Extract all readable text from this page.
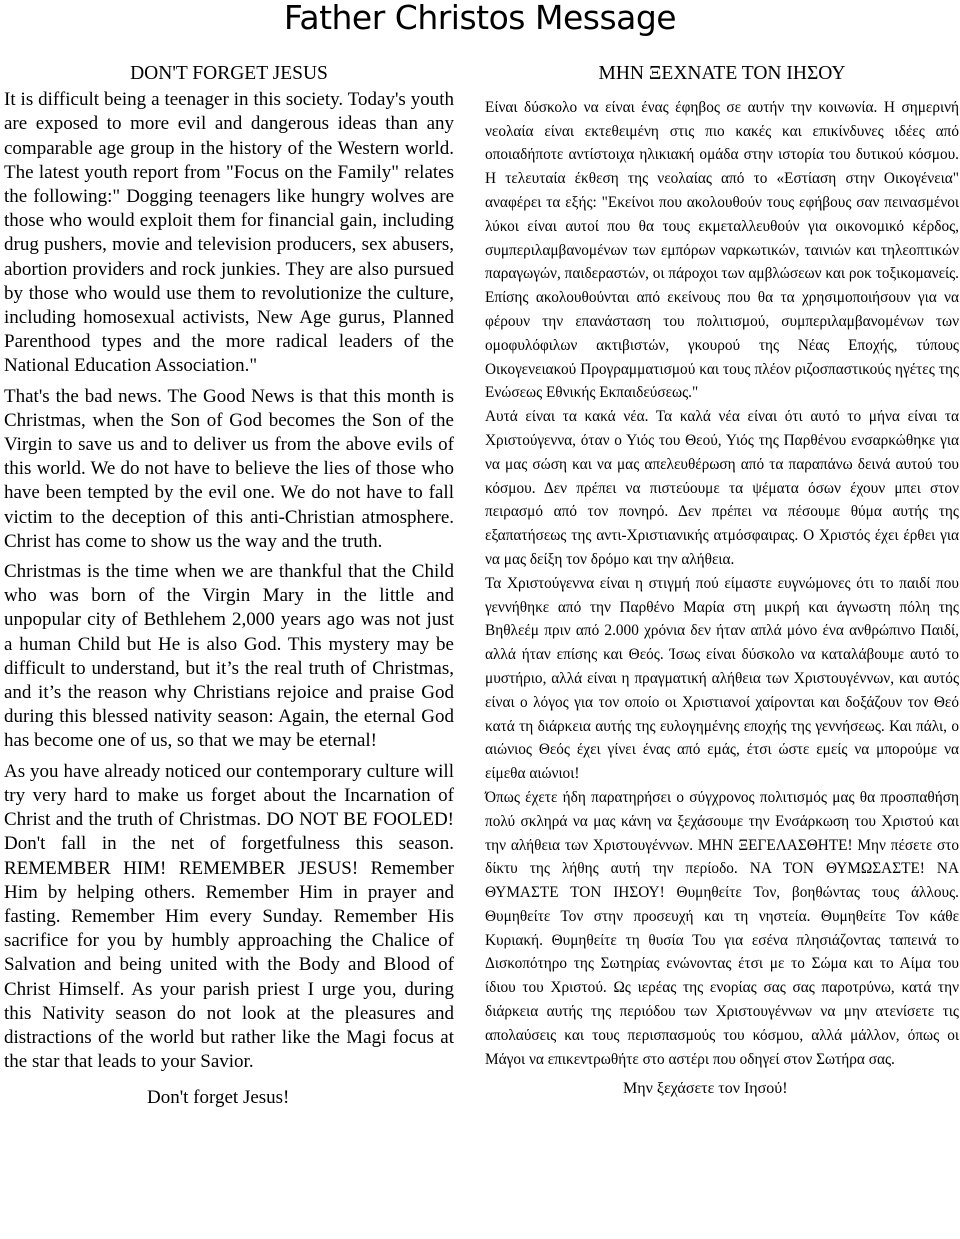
Father Christos Message
DON'T FORGET JESUS

It is difficult being a teenager in this society. Today's youth are exposed to more evil and dangerous ideas than any comparable age group in the history of the Western world. The latest youth report from "Focus on the Family" relates the following:" Dogging teenagers like hungry wolves are those who would exploit them for financial gain, including drug pushers, movie and television producers, sex abusers, abortion providers and rock junkies. They are also pursued by those who would use them to revolutionize the culture, including homosexual activists, New Age gurus, Planned Parenthood types and the more radical leaders of the National Education Association."

That's the bad news. The Good News is that this month is Christmas, when the Son of God becomes the Son of the Virgin to save us and to deliver us from the above evils of this world. We do not have to believe the lies of those who have been tempted by the evil one. We do not have to fall victim to the deception of this anti-Christian atmosphere. Christ has come to show us the way and the truth.

Christmas is the time when we are thankful that the Child who was born of the Virgin Mary in the little and unpopular city of Bethlehem 2,000 years ago was not just a human Child but He is also God. This mystery may be difficult to understand, but it’s the real truth of Christmas, and it’s the reason why Christians rejoice and praise God during this blessed nativity season: Again, the eternal God has become one of us, so that we may be eternal!

As you have already noticed our contemporary culture will try very hard to make us forget about the Incarnation of Christ and the truth of Christmas. DO NOT BE FOOLED! Don't fall in the net of forgetfulness this season. REMEMBER HIM! REMEMBER JESUS! Remember Him by helping others. Remember Him in prayer and fasting. Remember Him every Sunday. Remember His sacrifice for you by humbly approaching the Chalice of Salvation and being united with the Body and Blood of Christ Himself. As your parish priest I urge you, during this Nativity season do not look at the pleasures and distractions of the world but rather like the Magi focus at the star that leads to your Savior.

Don't forget Jesus!
ΜΗΝ ΞΕΧΝΑΤΕ ΤΟΝ ΙΗΣΟΥ

Είναι δύσκολο να είναι ένας έφηβος σε αυτήν την κοινωνία. Η σημερινή νεολαία είναι εκτεθειμένη στις πιο κακές και επικίνδυνες ιδέες από οποιαδήποτε αντίστοιχα ηλικιακή ομάδα στην ιστορία του δυτικού κόσμου. Η τελευταία έκθεση της νεολαίας από το «Εστίαση στην Οικογένεια" αναφέρει τα εξής: "Εκείνοι που ακολουθούν τους εφήβους σαν πεινασμένοι λύκοι είναι αυτοί που θα τους εκμεταλλευθούν για οικονομικό κέρδος, συμπεριλαμβανομένων των εμπόρων ναρκωτικών, ταινιών και τηλεοπτικών παραγωγών, παιδεραστών, οι πάροχοι των αμβλώσεων και ροκ τοξικομανείς. Επίσης ακολουθούνται από εκείνους που θα τα χρησιμοποιήσουν για να φέρουν την επανάσταση του πολιτισμού, συμπεριλαμβανομένων των ομοφυλόφιλων ακτιβιστών, γκουρού της Νέας Εποχής, τύπους Οικογενειακού Προγραμματισμού και τους πλέον ριζοσπαστικούς ηγέτες της Ενώσεως Εθνικής Εκπαιδεύσεως."

Αυτά είναι τα κακά νέα. Τα καλά νέα είναι ότι αυτό το μήνα είναι τα Χριστούγεννα, όταν ο Υιός του Θεού, Υιός της Παρθένου ενσαρκώθηκε για να μας σώση και να μας απελευθέρωση από τα παραπάνω δεινά αυτού του κόσμου. Δεν πρέπει να πιστεύουμε τα ψέματα όσων έχουν μπει στον πειρασμό από τον πονηρό. Δεν πρέπει να πέσουμε θύμα αυτής της εξαπατήσεως της αντι-Χριστιανικής ατμόσφαιρας. Ο Χριστός έχει έρθει για να μας δείξη τον δρόμο και την αλήθεια.

Τα Χριστούγεννα είναι η στιγμή πού είμαστε ευγνώμονες ότι το παιδί που γεννήθηκε από την Παρθένο Μαρία στη μικρή και άγνωστη πόλη της Βηθλεέμ πριν από 2.000 χρόνια δεν ήταν απλά μόνο ένα ανθρώπινο Παιδί, αλλά ήταν επίσης και Θεός. Ίσως είναι δύσκολο να καταλάβουμε αυτό το μυστήριο, αλλά είναι η πραγματική αλήθεια των Χριστουγέννων, και αυτός είναι ο λόγος για τον οποίο οι Χριστιανοί χαίρονται και δοξάζουν τον Θεό κατά τη διάρκεια αυτής της ευλογημένης εποχής της γεννήσεως. Και πάλι, ο αιώνιος Θεός έχει γίνει ένας από εμάς, έτσι ώστε εμείς να μπορούμε να είμεθα αιώνιοι!

Όπως έχετε ήδη παρατηρήσει ο σύγχρονος πολιτισμός μας θα προσπαθήση πολύ σκληρά να μας κάνη να ξεχάσουμε την Ενσάρκωση του Χριστού και την αλήθεια των Χριστουγέννων. ΜΗΝ ΞΕΓΕΛΑΣΘΗΤΕ! Μην πέσετε στο δίκτυ της λήθης αυτή την περίοδο. ΝΑ ΤΟΝ ΘΥΜΩΣΑΣΤΕ! ΝΑ ΘΥΜΑΣΤΕ ΤΟΝ ΙΗΣΟΥ! Θυμηθείτε Τον, βοηθώντας τους άλλους. Θυμηθείτε Τον στην προσευχή και τη νηστεία. Θυμηθείτε Τον κάθε Κυριακή. Θυμηθείτε τη θυσία Του για εσένα πλησιάζοντας ταπεινά το Δισκοπότηρο της Σωτηρίας ενώνοντας έτσι με το Σώμα και το Αίμα του ίδιου του Χριστού. Ως ιερέας της ενορίας σας σας παροτρύνω, κατά την διάρκεια αυτής της περιόδου των Χριστουγέννων να μην ατενίσετε τις απολαύσεις και τους περισπασμούς του κόσμου, αλλά μάλλον, όπως οι Μάγοι να επικεντρωθήτε στο αστέρι που οδηγεί στον Σωτήρα σας.

Μην ξεχάσετε τον Ιησού!
